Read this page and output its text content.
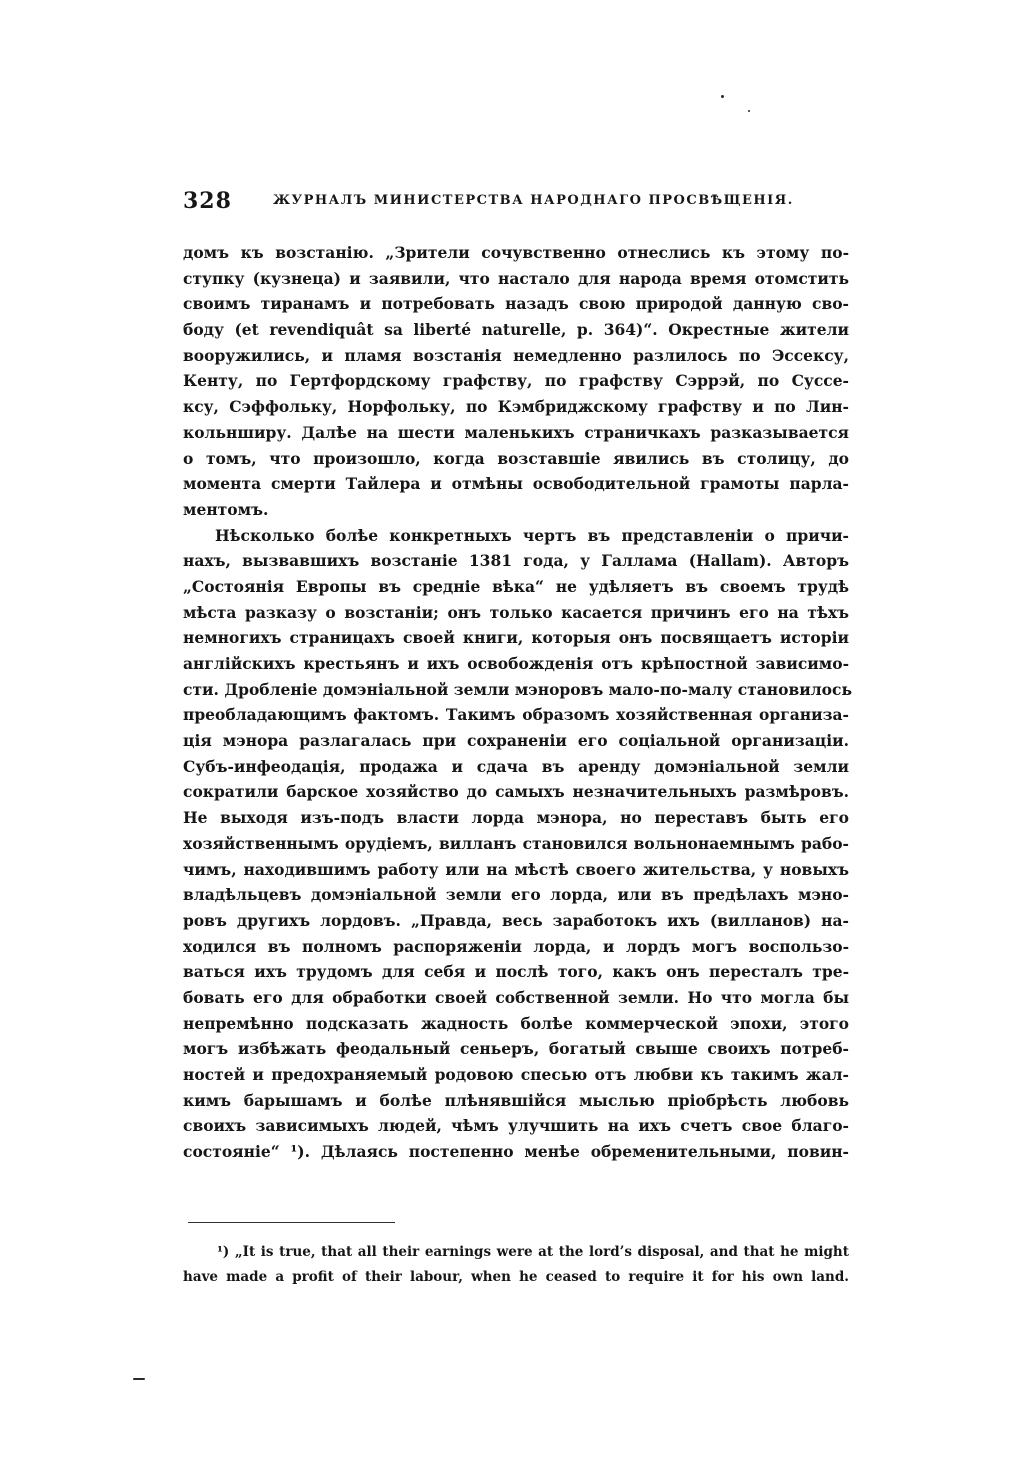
328	ЖУРНАЛЪ МИНИСТЕРСТВА НАРОДНАГО ПРОСВѢЩЕНІЯ.
домъ къ возстанію. „Зрители сочувственно отнеслись къ этому по-
ступку (кузнеца) и заявили, что настало для народа время отомстить
своимъ тиранамъ и потребовать назадъ свою природой данную сво-
боду (et revendiquât sa liberté naturelle, p. 364)“. Окрестные жители
вооружились, и пламя возстанія немедленно разлилось по Эссексу,
Кенту, по Гертфордскому графству, по графству Сэррэй, по Суссе-
ксу, Сэффольку, Норфольку, по Кэмбриджскому графству и по Лин-
кольнширу. Далѣе на шести маленькихъ страничкахъ разказывается
о томъ, что произошло, когда возставшіе явились въ столицу, до
момента смерти Тайлера и отмѣны освободительной грамоты парла-
ментомъ.
Нѣсколько болѣе конкретныхъ чертъ въ представленіи о причи-
нахъ, вызвавшихъ возстаніе 1381 года, у Галлама (Hallam). Авторъ
„Состоянія Европы въ средніе вѣка“ не удѣляетъ въ своемъ трудѣ
мѣста разказу о возстаніи; онъ только касается причинъ его на тѣхъ
немногихъ страницахъ своей книги, которыя онъ посвящаетъ исторіи
англійскихъ крестьянъ и ихъ освобожденія отъ крѣпостной зависимо-
сти. Дробленіе домэніальной земли мэноровъ мало-по-малу становилось
преобладающимъ фактомъ. Такимъ образомъ хозяйственная организа-
ція мэнора разлагалась при сохраненіи его соціальной организаціи.
Субъ-инфеодація, продажа и сдача въ аренду домэніальной земли
сократили барское хозяйство до самыхъ незначительныхъ размѣровъ.
Не выходя изъ-подъ власти лорда мэнора, но переставъ быть его
хозяйственнымъ орудіемъ, вилланъ становился вольнонаемнымъ рабо-
чимъ, находившимъ работу или на мѣстѣ своего жительства, у новыхъ
владѣльцевъ домэніальной земли его лорда, или въ предѣлахъ мэно-
ровъ другихъ лордовъ. „Правда, весь заработокъ ихъ (вилланов) на-
ходился въ полномъ распоряженіи лорда, и лордъ могъ воспользо-
ваться ихъ трудомъ для себя и послѣ того, какъ онъ пересталъ тре-
бовать его для обработки своей собственной земли. Но что могла бы
непремѣнно подсказать жадность болѣе коммерческой эпохи, этого
могъ избѣжать феодальный сеньеръ, богатый свыше своихъ потреб-
ностей и предохраняемый родовою спесью отъ любви къ такимъ жал-
кимъ барышамъ и болѣе плѣнявшійся мыслью пріобрѣсть любовь
своихъ зависимыхъ людей, чѣмъ улучшить на ихъ счетъ свое благо-
состояніе“ ¹). Дѣлаясь постепенно менѣе обременительными, повин-
¹) „It is true, that all their earnings were at the lord’s disposal, and that he might
have made a profit of their labour, when he ceased to require it for his own land.
